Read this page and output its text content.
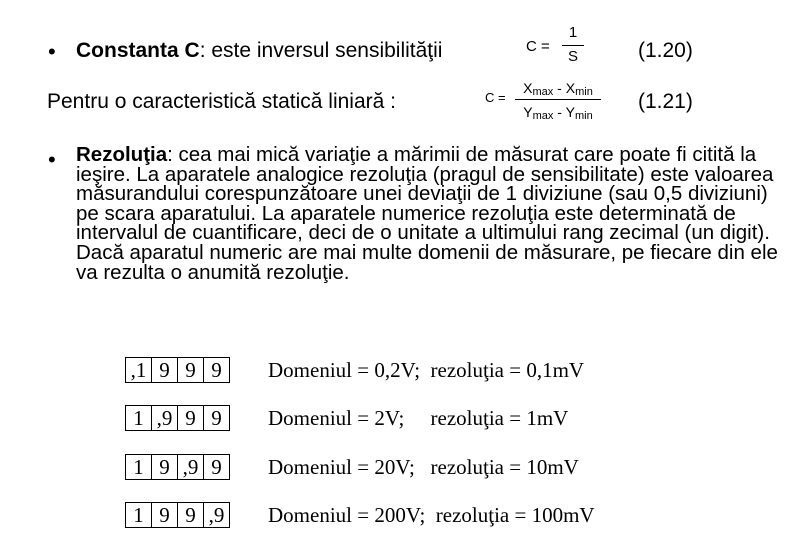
• Constanta C: este inversul sensibilităţii	C =
1
S	(1.20)
Pentru o caracteristică statică liniară :	C =
$X_{max} - X_{min}$
$Y_{max} - Y_{min}$
(1.21)
• Rezoluţia: cea mai mică variaţie a mărimii de măsurat care poate fi citită la ieşire. La aparatele analogice rezoluţia (pragul de sensibilitate) este valoarea măsurandului corespunzătoare unei deviaţii de 1 diviziune (sau 0,5 diviziuni) pe scara aparatului. La aparatele numerice rezoluţia este determinată de intervalul de cuantificare, deci de o unitate a ultimului rang zecimal (un digit). Dacă aparatul numeric are mai multe domenii de măsurare, pe fiecare din ele va rezulta o anumită rezoluţie.
,1 9 9 9	Domeniul = 0,2V;  rezoluţia = 0,1mV
1 ,9 9 9	Domeniul = 2V;     rezoluţia = 1mV
1 9 ,9 9	Domeniul = 20V;   rezoluţia = 10mV
1 9 9 ,9 Domeniul = 200V;  rezoluţia = 100mV
